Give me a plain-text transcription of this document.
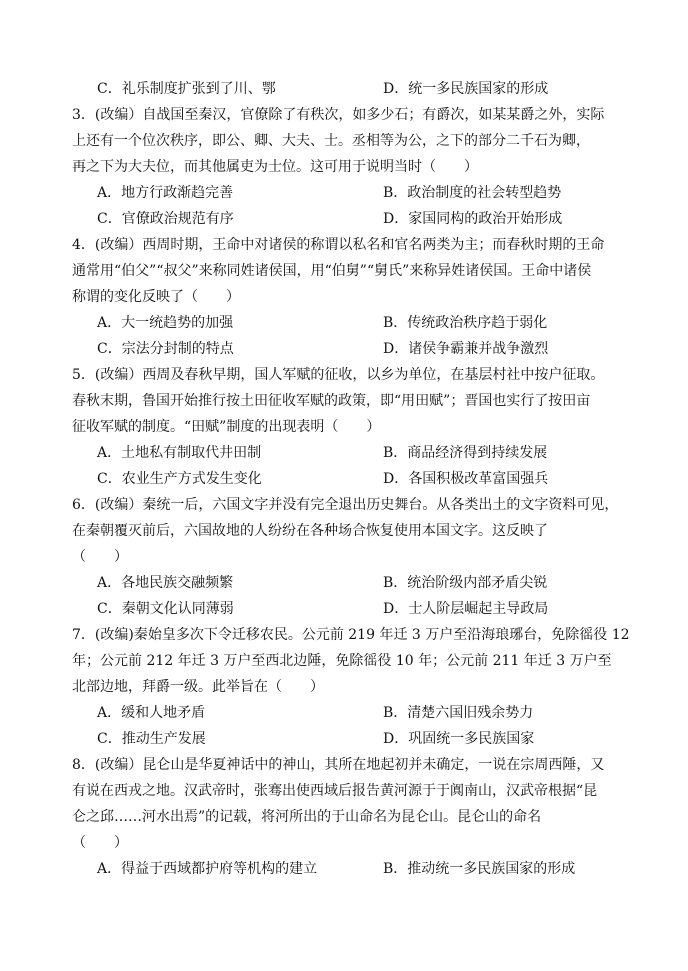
C．礼乐制度扩张到了川、鄂	D．统一多民族国家的形成
3．(改编）自战国至秦汉，官僚除了有秩次，如多少石；有爵次，如某某爵之外，实际
上还有一个位次秩序，即公、卿、大夫、士。丞相等为公，之下的部分二千石为卿，
再之下为大夫位，而其他属吏为士位。这可用于说明当时（　　）
A．地方行政渐趋完善	B．政治制度的社会转型趋势
C．官僚政治规范有序	D．家国同构的政治开始形成
4．(改编）西周时期，王命中对诸侯的称谓以私名和官名两类为主；而春秋时期的王命
通常用“伯父”“叔父”来称同姓诸侯国，用“伯舅”“舅氏”来称异姓诸侯国。王命中诸侯
称谓的变化反映了（　　）
A．大一统趋势的加强	B．传统政治秩序趋于弱化
C．宗法分封制的特点	D．诸侯争霸兼并战争激烈
5．(改编）西周及春秋早期，国人军赋的征收，以乡为单位，在基层村社中按户征取。
春秋末期，鲁国开始推行按土田征收军赋的政策，即“用田赋”；晋国也实行了按田亩
征收军赋的制度。“田赋”制度的出现表明（　　）
A．土地私有制取代井田制	B．商品经济得到持续发展
C．农业生产方式发生变化	D．各国积极改革富国强兵
6．(改编）秦统一后，六国文字并没有完全退出历史舞台。从各类出土的文字资料可见，
在秦朝覆灭前后，六国故地的人纷纷在各种场合恢复使用本国文字。这反映了
（　　）
A．各地民族交融频繁	B．统治阶级内部矛盾尖锐
C．秦朝文化认同薄弱	D．士人阶层崛起主导政局
7．(改编)秦始皇多次下令迁移农民。公元前 219 年迁 3 万户至沿海琅琊台，免除徭役 12
年；公元前 212 年迁 3 万户至西北边陲，免除徭役 10 年；公元前 211 年迁 3 万户至
北部边地，拜爵一级。此举旨在（　　）
A．缓和人地矛盾	B．清楚六国旧残余势力
C．推动生产发展	D．巩固统一多民族国家
8．(改编）昆仑山是华夏神话中的神山，其所在地起初并未确定，一说在宗周西陲，又
有说在西戎之地。汉武帝时，张骞出使西域后报告黄河源于于阗南山，汉武帝根据“昆
仑之邱……河水出焉”的记载，将河所出的于山命名为昆仑山。昆仑山的命名
（　　）
A．得益于西域都护府等机构的建立	B．推动统一多民族国家的形成
